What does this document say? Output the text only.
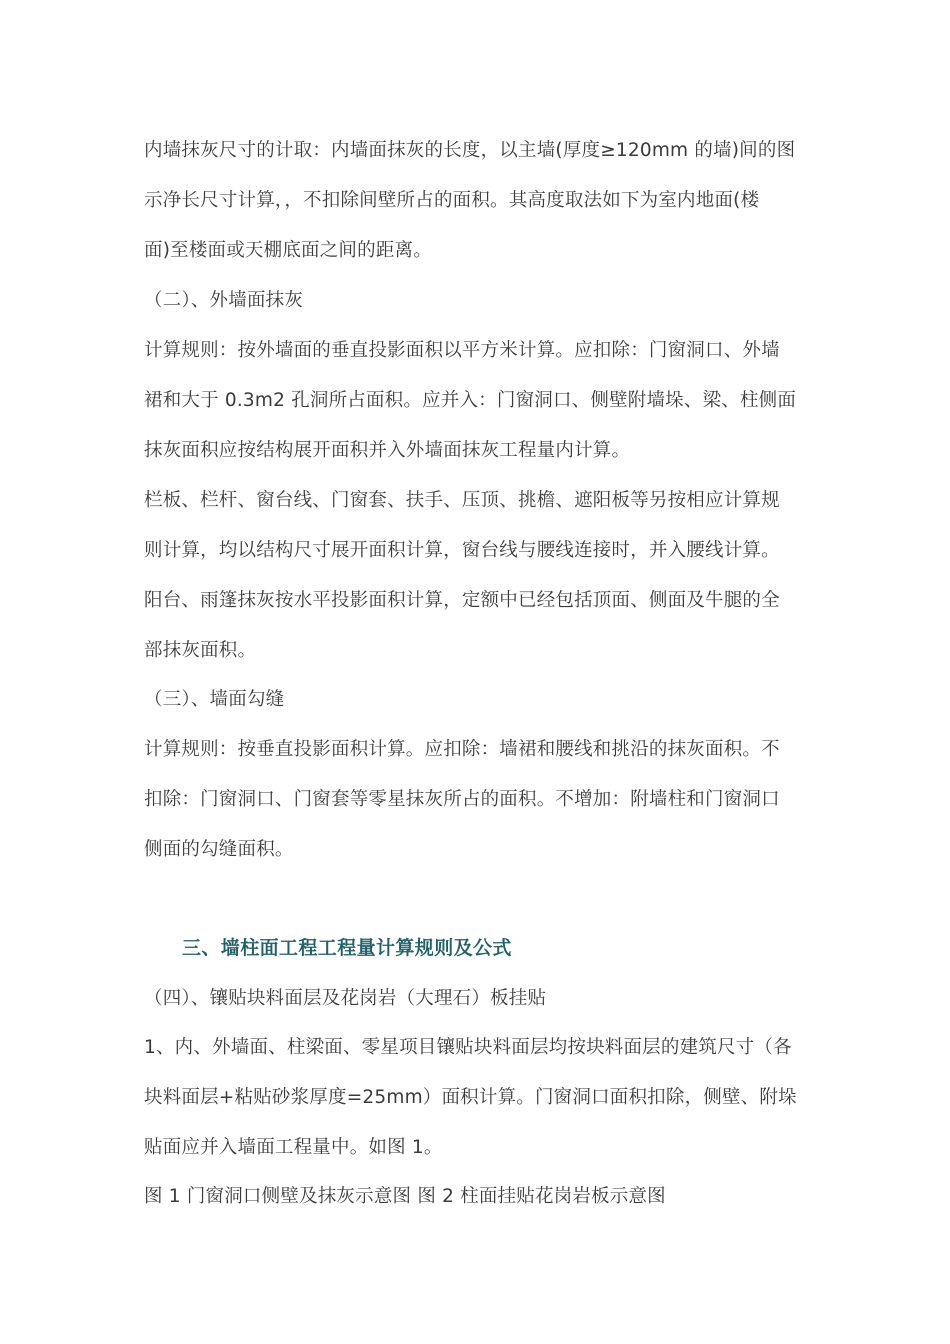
内墙抹灰尺寸的计取：内墙面抹灰的长度，以主墙(厚度≥120mm 的墙)间的图
示净长尺寸计算，，不扣除间壁所占的面积。其高度取法如下为室内地面(楼
面)至楼面或天棚底面之间的距离。
（二）、外墙面抹灰
计算规则：按外墙面的垂直投影面积以平方米计算。应扣除：门窗洞口、外墙
裙和大于 0.3m2 孔洞所占面积。应并入：门窗洞口、侧壁附墙垛、梁、柱侧面
抹灰面积应按结构展开面积并入外墙面抹灰工程量内计算。
栏板、栏杆、窗台线、门窗套、扶手、压顶、挑檐、遮阳板等另按相应计算规
则计算，均以结构尺寸展开面积计算，窗台线与腰线连接时，并入腰线计算。
阳台、雨篷抹灰按水平投影面积计算，定额中已经包括顶面、侧面及牛腿的全
部抹灰面积。
（三）、墙面勾缝
计算规则：按垂直投影面积计算。应扣除：墙裙和腰线和挑沿的抹灰面积。不
扣除：门窗洞口、门窗套等零星抹灰所占的面积。不增加：附墙柱和门窗洞口
侧面的勾缝面积。
三、墙柱面工程工程量计算规则及公式
（四）、镶贴块料面层及花岗岩（大理石）板挂贴
1、内、外墙面、柱梁面、零星项目镶贴块料面层均按块料面层的建筑尺寸（各
块料面层+粘贴砂浆厚度=25mm）面积计算。门窗洞口面积扣除，侧壁、附垛
贴面应并入墙面工程量中。如图 1。
图 1 门窗洞口侧壁及抹灰示意图 图 2 柱面挂贴花岗岩板示意图
